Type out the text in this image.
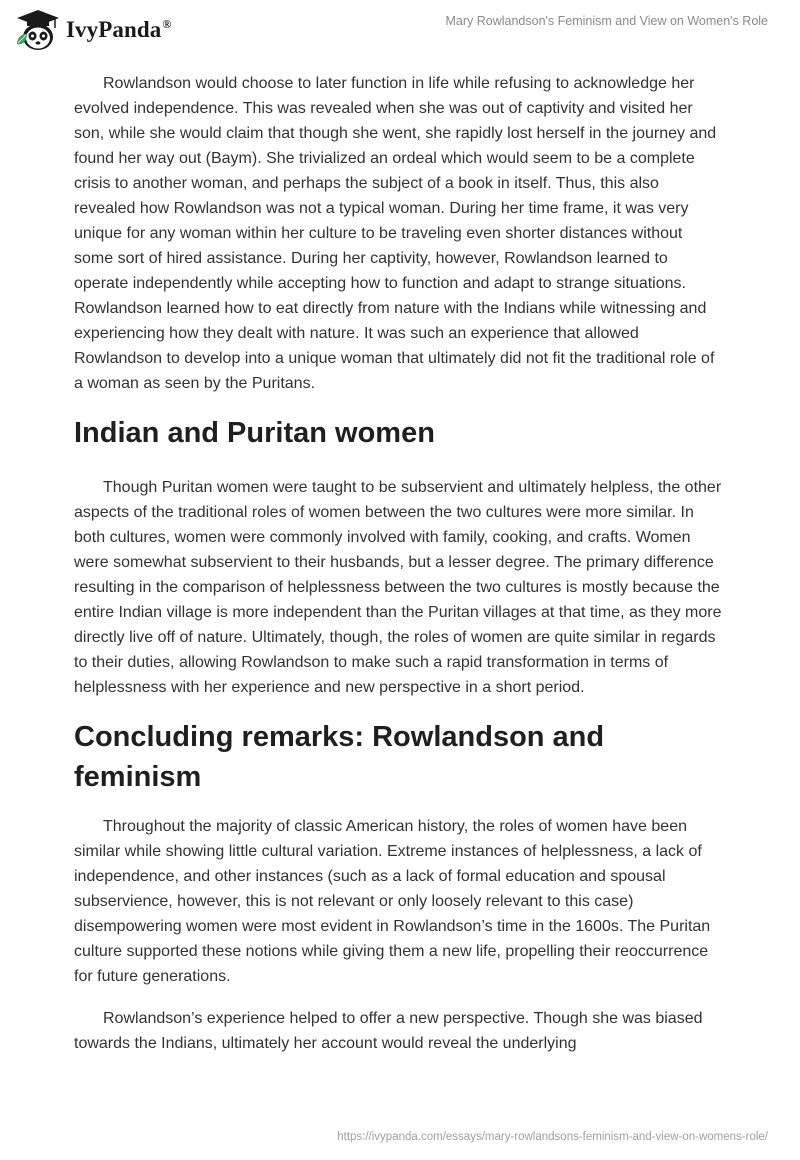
IvyPanda®	Mary Rowlandson's Feminism and View on Women's Role

Rowlandson would choose to later function in life while refusing to acknowledge her evolved independence. This was revealed when she was out of captivity and visited her son, while she would claim that though she went, she rapidly lost herself in the journey and found her way out (Baym). She trivialized an ordeal which would seem to be a complete crisis to another woman, and perhaps the subject of a book in itself. Thus, this also revealed how Rowlandson was not a typical woman. During her time frame, it was very unique for any woman within her culture to be traveling even shorter distances without some sort of hired assistance. During her captivity, however, Rowlandson learned to operate independently while accepting how to function and adapt to strange situations. Rowlandson learned how to eat directly from nature with the Indians while witnessing and experiencing how they dealt with nature. It was such an experience that allowed Rowlandson to develop into a unique woman that ultimately did not fit the traditional role of a woman as seen by the Puritans.

Indian and Puritan women

Though Puritan women were taught to be subservient and ultimately helpless, the other aspects of the traditional roles of women between the two cultures were more similar. In both cultures, women were commonly involved with family, cooking, and crafts. Women were somewhat subservient to their husbands, but a lesser degree. The primary difference resulting in the comparison of helplessness between the two cultures is mostly because the entire Indian village is more independent than the Puritan villages at that time, as they more directly live off of nature. Ultimately, though, the roles of women are quite similar in regards to their duties, allowing Rowlandson to make such a rapid transformation in terms of helplessness with her experience and new perspective in a short period.

Concluding remarks: Rowlandson and feminism

Throughout the majority of classic American history, the roles of women have been similar while showing little cultural variation. Extreme instances of helplessness, a lack of independence, and other instances (such as a lack of formal education and spousal subservience, however, this is not relevant or only loosely relevant to this case) disempowering women were most evident in Rowlandson’s time in the 1600s. The Puritan culture supported these notions while giving them a new life, propelling their reoccurrence for future generations.

Rowlandson’s experience helped to offer a new perspective. Though she was biased towards the Indians, ultimately her account would reveal the underlying

https://ivypanda.com/essays/mary-rowlandsons-feminism-and-view-on-womens-role/
